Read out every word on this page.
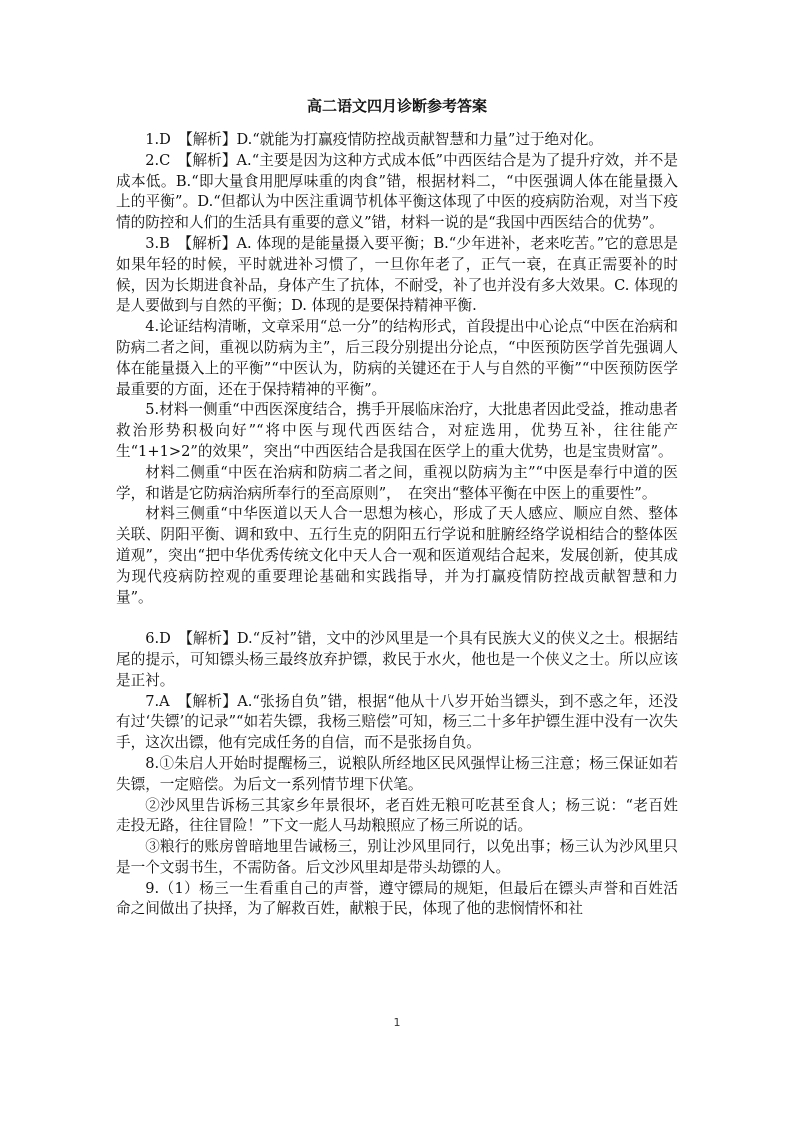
高二语文四月诊断参考答案

1.D　【解析】D.“就能为打赢疫情防控战贡献智慧和力量”过于绝对化。

2.C　【解析】A.“主要是因为这种方式成本低”中西医结合是为了提升疗效，并不是成本低。B.“即大量食用肥厚味重的肉食”错，根据材料二，“中医强调人体在能量摄入上的平衡”。D.“但都认为中医注重调节机体平衡这体现了中医的疫病防治观，对当下疫情的防控和人们的生活具有重要的意义”错，材料一说的是“我国中西医结合的优势”。

3.B　【解析】A. 体现的是能量摄入要平衡；B.“少年进补，老来吃苦。”它的意思是如果年轻的时候，平时就进补习惯了，一旦你年老了，正气一衰，在真正需要补的时候，因为长期进食补品，身体产生了抗体，不耐受，补了也并没有多大效果。C. 体现的是人要做到与自然的平衡；D. 体现的是要保持精神平衡.

4.论证结构清晰，文章采用“总一分”的结构形式，首段提出中心论点“中医在治病和防病二者之间，重视以防病为主”，后三段分别提出分论点，“中医预防医学首先强调人体在能量摄入上的平衡”“中医认为，防病的关键还在于人与自然的平衡”“中医预防医学最重要的方面，还在于保持精神的平衡”。

5.材料一侧重“中西医深度结合，携手开展临床治疗，大批患者因此受益，推动患者救治形势积极向好”“将中医与现代西医结合，对症选用，优势互补，往往能产生“1+1>2”的效果”，突出“中西医结合是我国在医学上的重大优势，也是宝贵财富”。

材料二侧重“中医在治病和防病二者之间，重视以防病为主”“中医是奉行中道的医学，和谐是它防病治病所奉行的至高原则”，　在突出“整体平衡在中医上的重要性”。

材料三侧重“中华医道以天人合一思想为核心，形成了天人感应、顺应自然、整体关联、阴阳平衡、调和致中、五行生克的阴阳五行学说和脏腑经络学说相结合的整体医道观”，突出“把中华优秀传统文化中天人合一观和医道观结合起来，发展创新，使其成为现代疫病防控观的重要理论基础和实践指导，并为打赢疫情防控战贡献智慧和力量”。

6.D　【解析】D.“反衬”错，文中的沙风里是一个具有民族大义的侠义之士。根据结尾的提示，可知镖头杨三最终放弃护镖，救民于水火，他也是一个侠义之士。所以应该是正衬。

7.A　【解析】A.“张扬自负”错，根据“他从十八岁开始当镖头，到不惑之年，还没有过‘失镖’的记录”“如若失镖，我杨三赔偿”可知，杨三二十多年护镖生涯中没有一次失手，这次出镖，他有完成任务的自信，而不是张扬自负。

8.①朱启人开始时提醒杨三，说粮队所经地区民风强悍让杨三注意；杨三保证如若失镖，一定赔偿。为后文一系列情节埋下伏笔。

②沙风里告诉杨三其家乡年景很坏，老百姓无粮可吃甚至食人；杨三说：“老百姓走投无路，往往冒险！”下文一彪人马劫粮照应了杨三所说的话。

③粮行的账房曾暗地里告诫杨三，别让沙风里同行，以免出事；杨三认为沙风里只是一个文弱书生，不需防备。后文沙风里却是带头劫镖的人。

9.（1）杨三一生看重自己的声誉，遵守镖局的规矩，但最后在镖头声誉和百姓活命之间做出了抉择，为了解救百姓，献粮于民，体现了他的悲悯情怀和社

1
